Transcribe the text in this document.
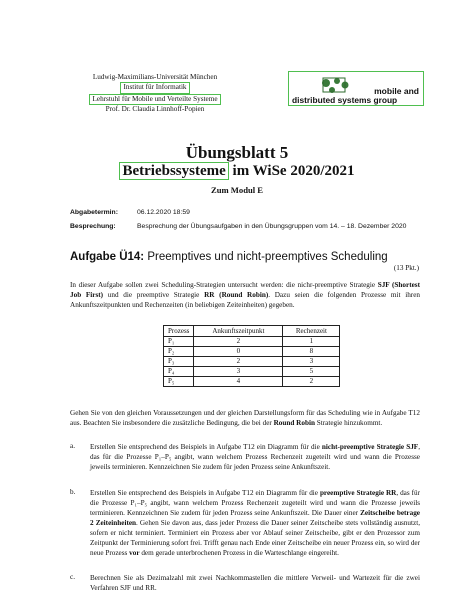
Ludwig-Maximilians-Universität München
Institut für Informatik
Lehrstuhl für Mobile und Verteilte Systeme
Prof. Dr. Claudia Linnhoff-Popien
mobile and
distributed systems group
Übungsblatt 5
Betriebssysteme im WiSe 2020/2021
Zum Modul E
Abgabetermin:	06.12.2020 18:59
Besprechung:	Besprechung der Übungsaufgaben in den Übungsgruppen vom 14. – 18. Dezember 2020
Aufgabe Ü14: Preemptives und nicht-preemptives Scheduling
(13 Pkt.)
In dieser Aufgabe sollen zwei Scheduling-Strategien untersucht werden: die nichr-preemptive Strategie SJF (Shortest Job First) und die preemptive Strategie RR (Round Robin). Dazu seien die folgenden Prozesse mit ihren Ankunftszeitpunkten und Rechenzeiten (in beliebigen Zeiteinheiten) gegeben.
Prozess	Ankunftszeitpunkt	Rechenzeit
P₁	2	1
P₂	0	8
P₃	2	3
P₄	3	5
P₅	4	2
Gehen Sie von den gleichen Voraussetzungen und der gleichen Darstellungsform für das Scheduling wie in Aufgabe T12 aus. Beachten Sie insbesondere die zusätzliche Bedingung, die bei der Round Robin Strategie hinzukommt.
a. Erstellen Sie entsprechend des Beispiels in Aufgabe T12 ein Diagramm für die nicht-preemptive Strategie SJF, das für die Prozesse P₁–P₅ angibt, wann welchem Prozess Rechenzeit zugeteilt wird und wann die Prozesse jeweils terminieren. Kennzeichnen Sie zudem für jeden Prozess seine Ankunftszeit.
b. Erstellen Sie entsprechend des Beispiels in Aufgabe T12 ein Diagramm für die preemptive Strategie RR, das für die Prozesse P₁–P₅ angibt, wann welchem Prozess Rechenzeit zugeteilt wird und wann die Prozesse jeweils terminieren. Kennzeichnen Sie zudem für jeden Prozess seine Ankunftszeit. Die Dauer einer Zeitscheibe betrage 2 Zeiteinheiten. Gehen Sie davon aus, dass jeder Prozess die Dauer seiner Zeitscheibe stets vollständig ausnutzt, sofern er nicht terminiert. Terminiert ein Prozess aber vor Ablauf seiner Zeitscheibe, gibt er den Prozessor zum Zeitpunkt der Terminierung sofort frei. Trifft genau nach Ende einer Zeitscheibe ein neuer Prozess ein, so wird der neue Prozess vor dem gerade unterbrochenen Prozess in die Warteschlange eingereiht.
c. Berechnen Sie als Dezimalzahl mit zwei Nachkommastellen die mittlere Verweil- und Wartezeit für die zwei Verfahren SJF und RR.
